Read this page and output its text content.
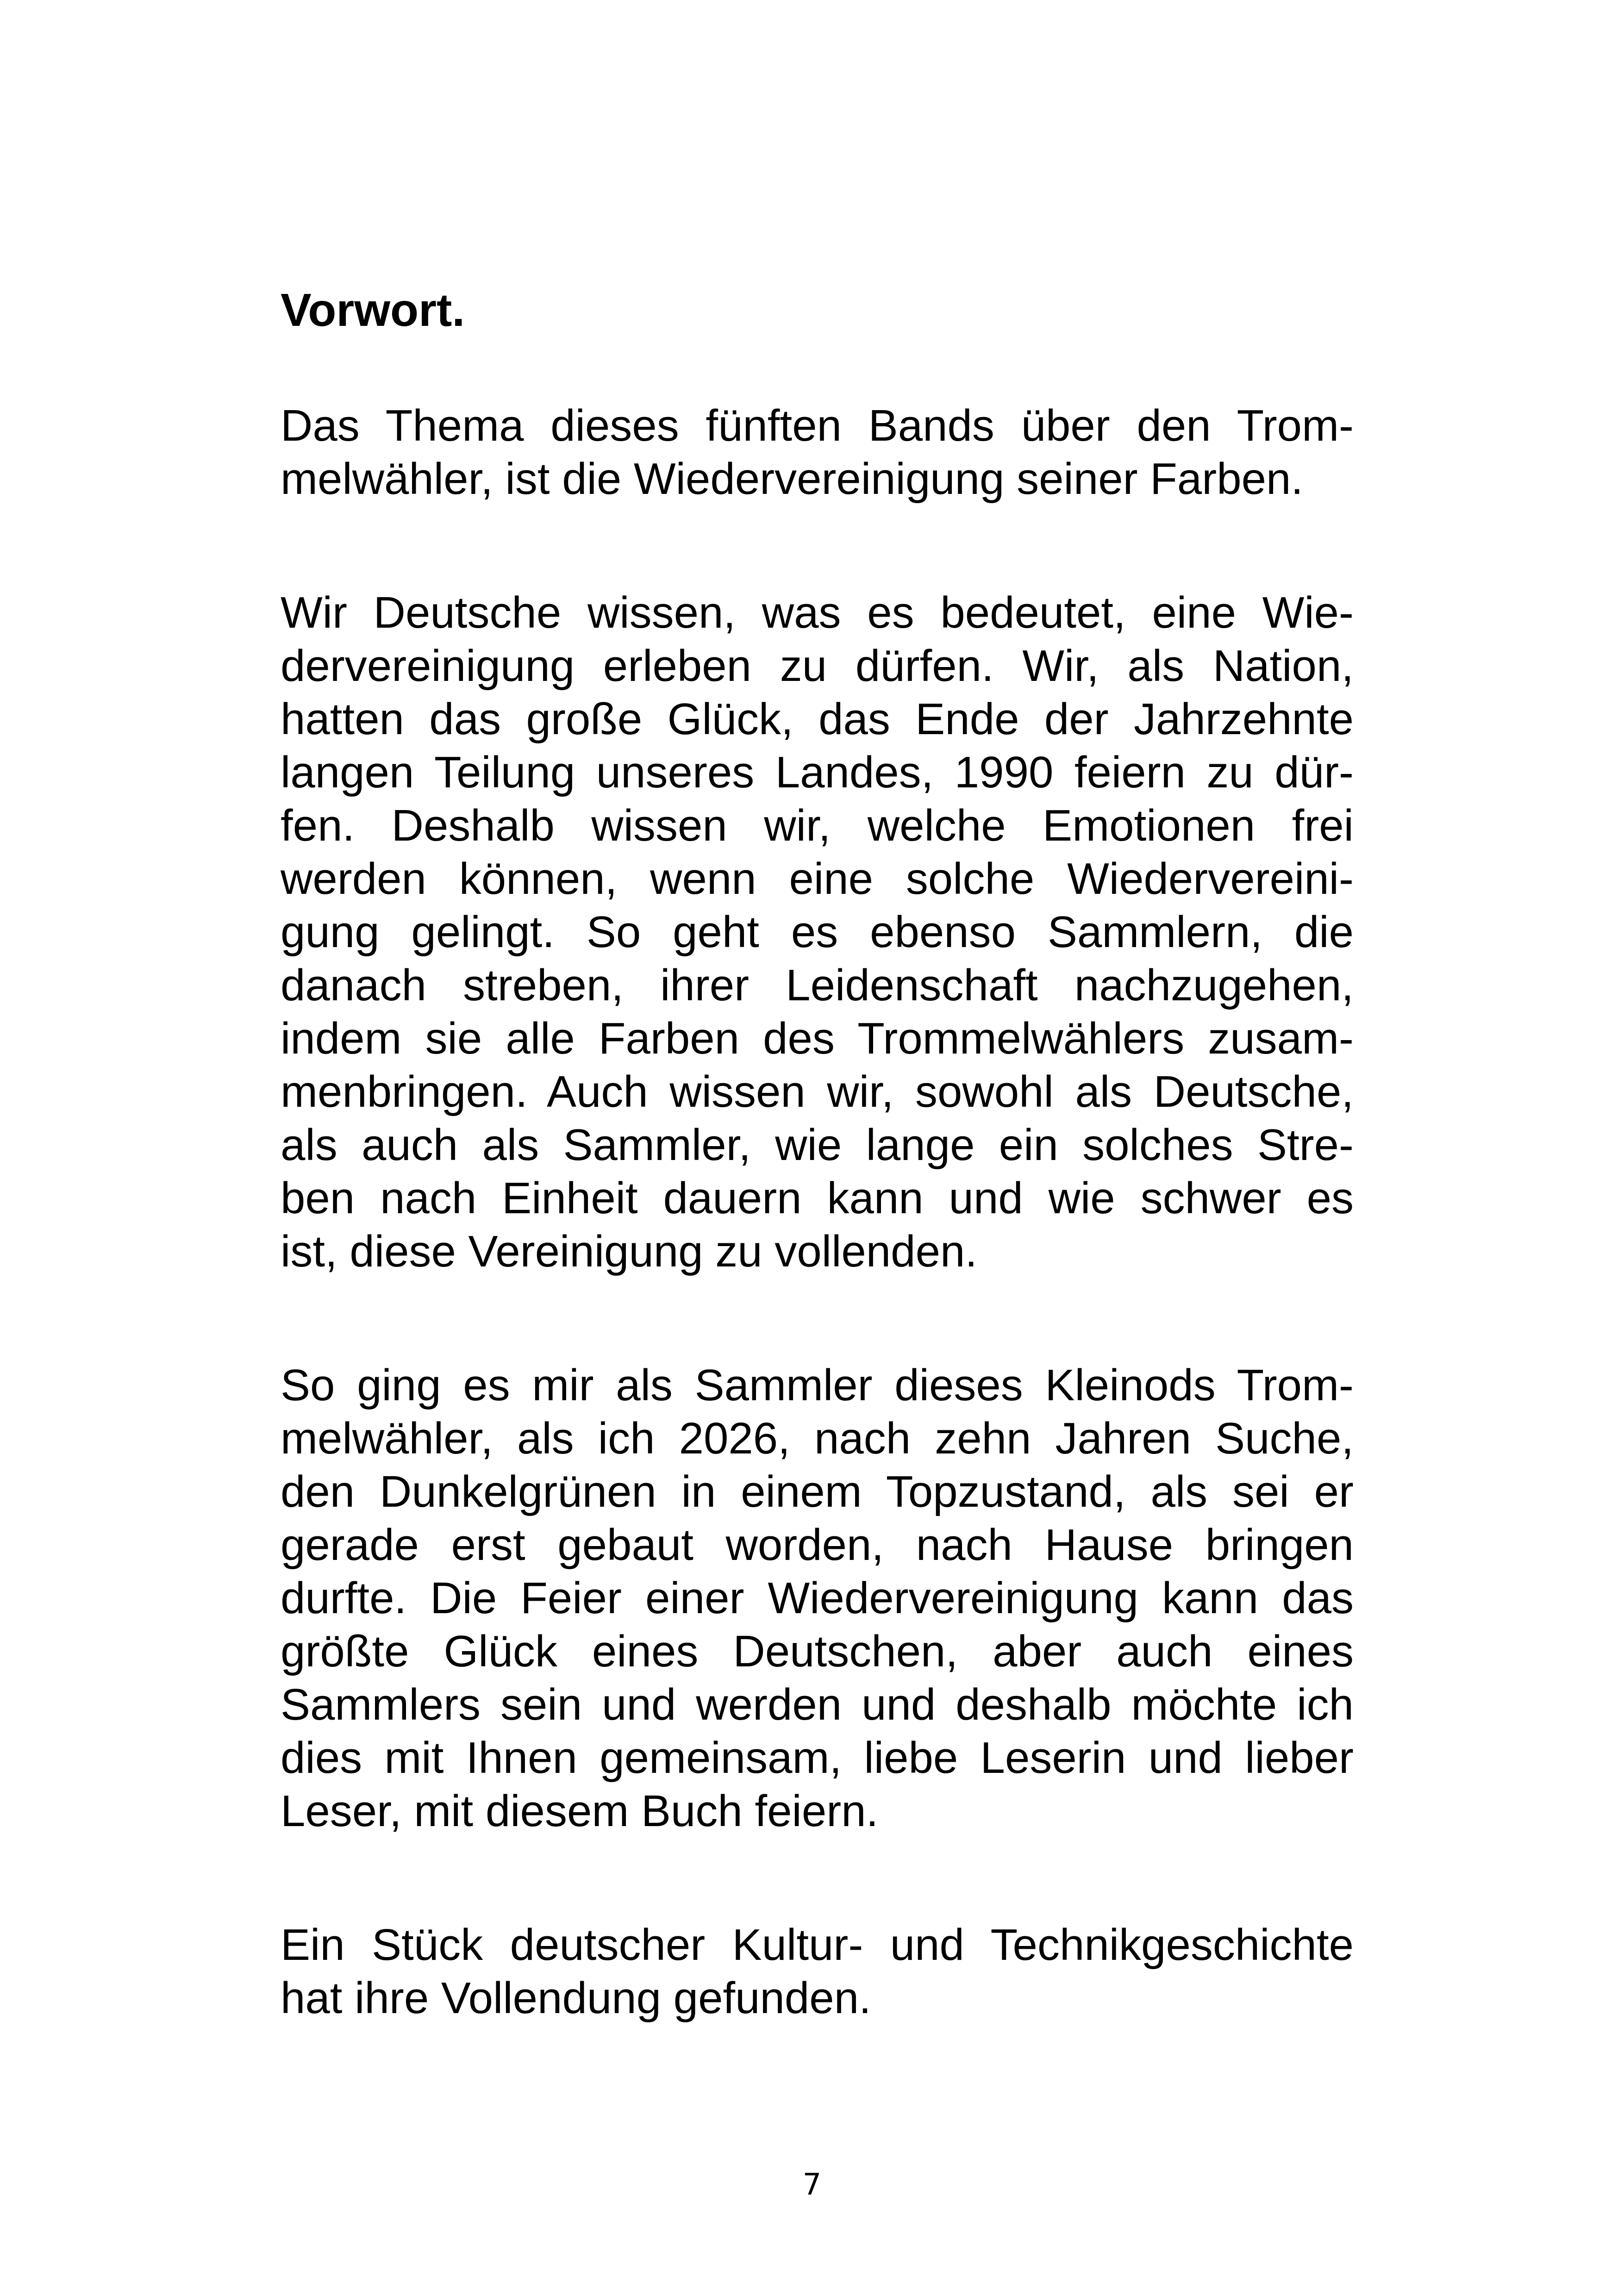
Vorwort.

Das Thema dieses fünften Bands über den Trom-
melwähler, ist die Wiedervereinigung seiner Farben.

Wir Deutsche wissen, was es bedeutet, eine Wie-
dervereinigung erleben zu dürfen. Wir, als Nation,
hatten das große Glück, das Ende der Jahrzehnte
langen Teilung unseres Landes, 1990 feiern zu dür-
fen. Deshalb wissen wir, welche Emotionen frei
werden können, wenn eine solche Wiedervereini-
gung gelingt. So geht es ebenso Sammlern, die
danach streben, ihrer Leidenschaft nachzugehen,
indem sie alle Farben des Trommelwählers zusam-
menbringen. Auch wissen wir, sowohl als Deutsche,
als auch als Sammler, wie lange ein solches Stre-
ben nach Einheit dauern kann und wie schwer es
ist, diese Vereinigung zu vollenden.

So ging es mir als Sammler dieses Kleinods Trom-
melwähler, als ich 2026, nach zehn Jahren Suche,
den Dunkelgrünen in einem Topzustand, als sei er
gerade erst gebaut worden, nach Hause bringen
durfte. Die Feier einer Wiedervereinigung kann das
größte Glück eines Deutschen, aber auch eines
Sammlers sein und werden und deshalb möchte ich
dies mit Ihnen gemeinsam, liebe Leserin und lieber
Leser, mit diesem Buch feiern.

Ein Stück deutscher Kultur- und Technikgeschichte
hat ihre Vollendung gefunden.

7
